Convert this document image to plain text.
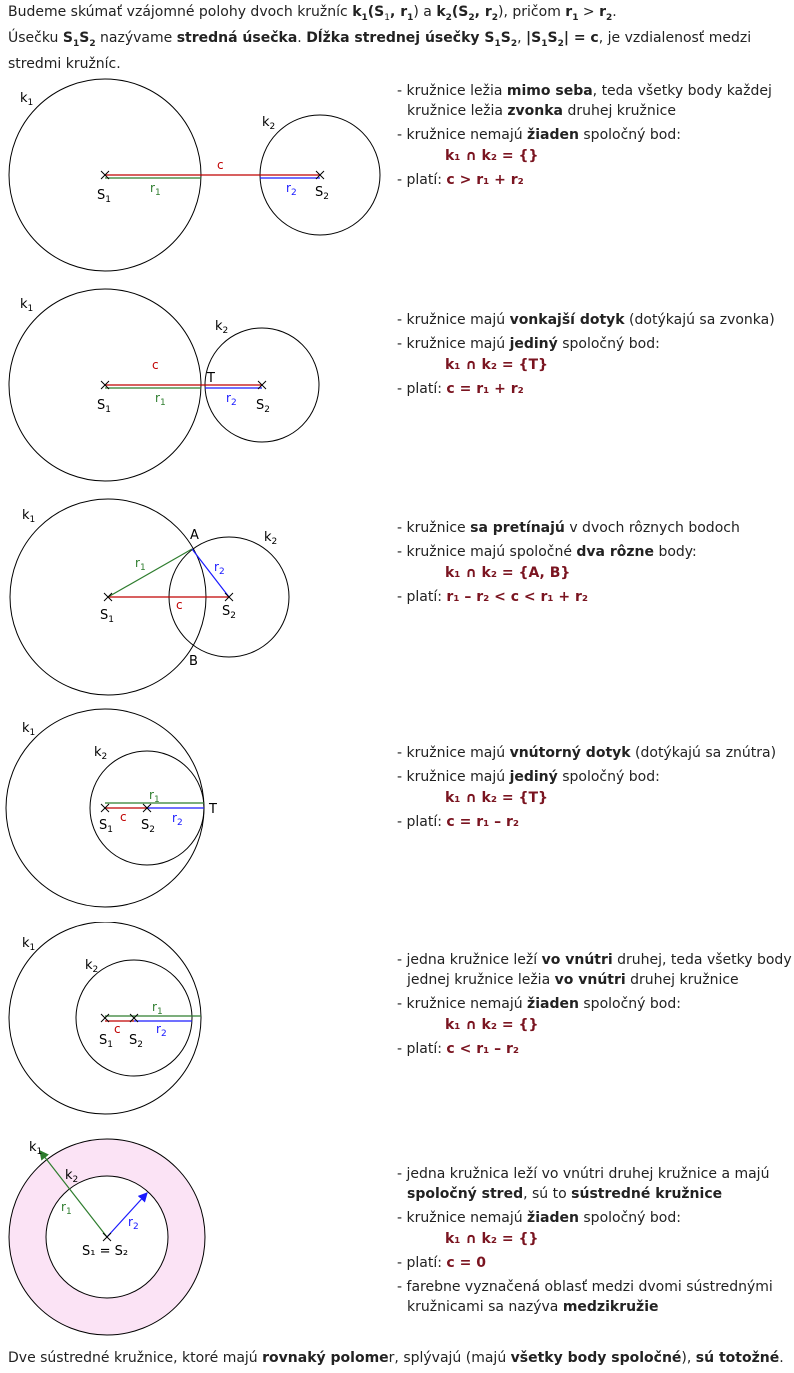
Budeme skúmať vzájomné polohy dvoch kružníc $k_1(S_1$, $r_1$) a $k_2(S_2$, $r_2$), pričom $r_1 > r_2$.
Úsečku $S_1S_2$ nazývame stredná úsečka. Dĺžka strednej úsečky $S_1S_2$, $|S_1S_2| = c$, je vzdialenosť medzi
stredmi kružníc.
$k_1$
$k_2$
$S_1$	$S_2$
$r_1$	$r_2$
c
- kružnice ležia mimo seba, teda všetky body každej kružnice ležia zvonka druhej kružnice
- kružnice nemajú žiaden spoločný bod:
k₁ ∩ k₂ = {}
- platí: c > r₁ + r₂
$k_1$
$k_2$
$S_1$	$S_2$
T
$r_1$	$r_2$
c
- kružnice majú vonkajší dotyk (dotýkajú sa zvonka)
- kružnice majú jediný spoločný bod:
k₁ ∩ k₂ = {T}
- platí: c = r₁ + r₂
$k_1$
$k_2$
A
B
$S_1$
$S_2$
$r_1$	$r_2$
c
- kružnice sa pretínajú v dvoch rôznych bodoch
- kružnice majú spoločné dva rôzne body:
k₁ ∩ k₂ = {A, B}
- platí: r₁ – r₂ < c < r₁ + r₂
$k_1$
$k_2$
T
$S_1$ $S_2$
$r_1$
$r_2$
c
- kružnice majú vnútorný dotyk (dotýkajú sa znútra)
- kružnice majú jediný spoločný bod:
k₁ ∩ k₂ = {T}
- platí: c = r₁ – r₂
$k_1$
$k_2$
$S_1$ $S_2$
$r_1$
$r_2$
c
- jedna kružnice leží vo vnútri druhej, teda všetky body jednej kružnice ležia vo vnútri druhej kružnice
- kružnice nemajú žiaden spoločný bod:
k₁ ∩ k₂ = {}
- platí: c < r₁ – r₂
$k_1$
$k_2$
$r_1$
$r_2$
S₁ = S₂
- jedna kružnica leží vo vnútri druhej kružnice a majú spoločný stred, sú to sústredné kružnice
- kružnice nemajú žiaden spoločný bod:
k₁ ∩ k₂ = {}
- platí: c = 0
- farebne vyznačená oblasť medzi dvomi sústrednými kružnicami sa nazýva medzikružie
Dve sústredné kružnice, ktoré majú rovnaký polomer, splývajú (majú všetky body spoločné), sú totožné.
